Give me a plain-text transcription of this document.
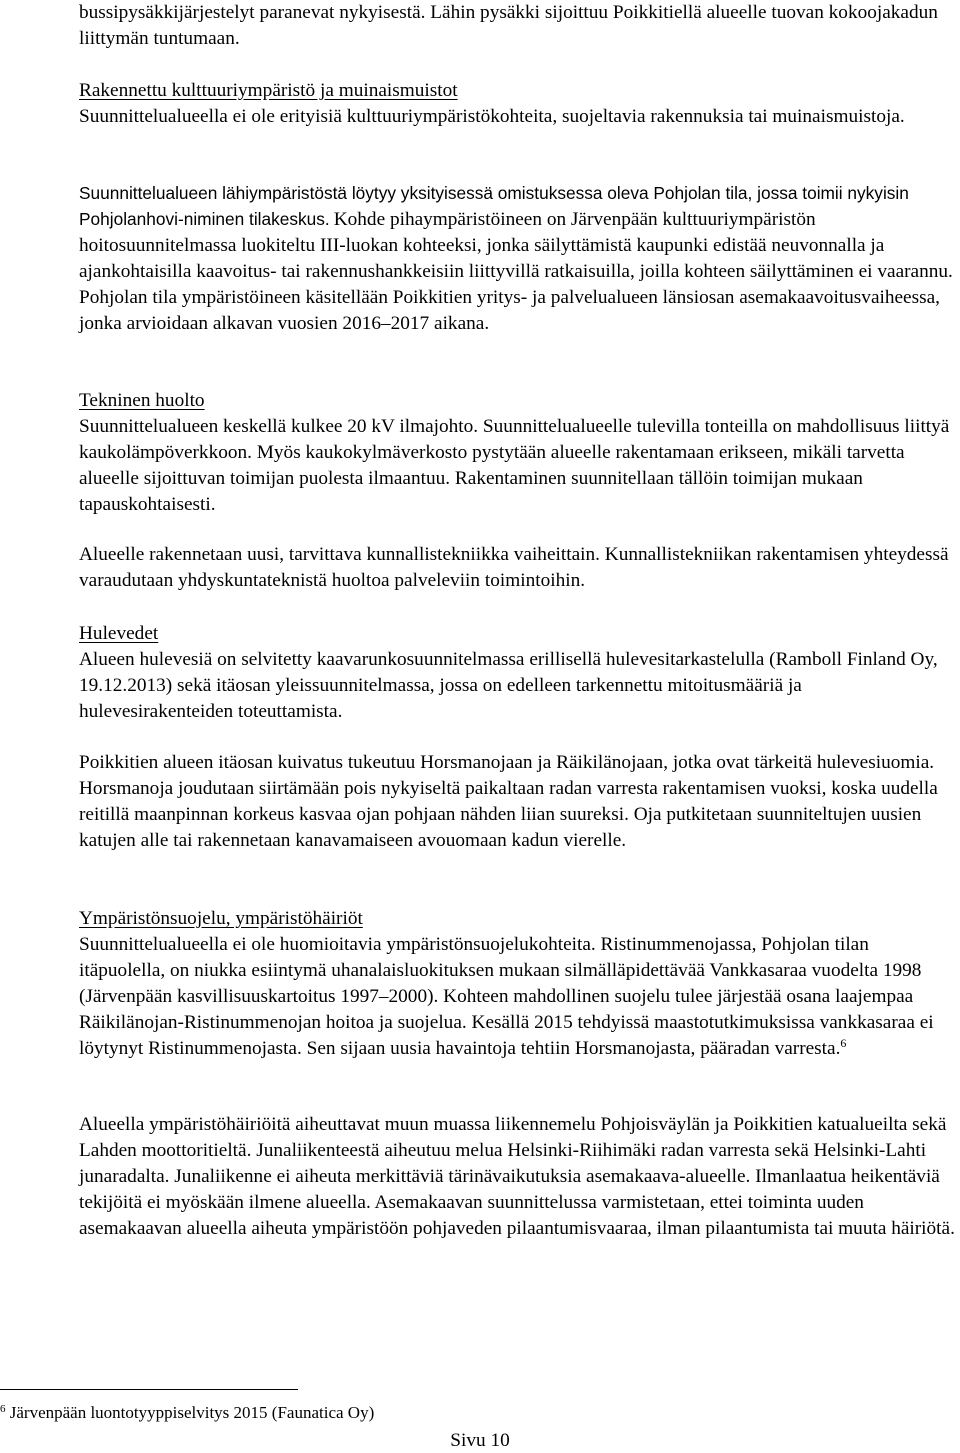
bussipysäkkijärjestelyt paranevat nykyisestä. Lähin pysäkki sijoittuu Poikkitiellä alueelle tuovan kokoojakadun liittymän tuntumaan.

Rakennettu kulttuuriympäristö ja muinaismuistot

Suunnittelualueella ei ole erityisiä kulttuuriympäristökohteita, suojeltavia rakennuksia tai muinaismuistoja.

Suunnittelualueen lähiympäristöstä löytyy yksityisessä omistuksessa oleva Pohjolan tila, jossa toimii nykyisin Pohjolanhovi-niminen tilakeskus. Kohde pihaympäristöineen on Järvenpään kulttuuriympäristön hoitosuunnitelmassa luokiteltu III-luokan kohteeksi, jonka säilyttämistä kaupunki edistää neuvonnalla ja ajankohtaisilla kaavoitus- tai rakennushankkeisiin liittyvillä ratkaisuilla, joilla kohteen säilyttäminen ei vaarannu. Pohjolan tila ympäristöineen käsitellään Poikkitien yritys- ja palvelualueen länsiosan asemakaavoitusvaiheessa, jonka arvioidaan alkavan vuosien 2016–2017 aikana.

Tekninen huolto

Suunnittelualueen keskellä kulkee 20 kV ilmajohto. Suunnittelualueelle tulevilla tonteilla on mahdollisuus liittyä kaukolämpöverkkoon. Myös kaukokylmäverkosto pystytään alueelle rakentamaan erikseen, mikäli tarvetta alueelle sijoittuvan toimijan puolesta ilmaantuu. Rakentaminen suunnitellaan tällöin toimijan mukaan tapauskohtaisesti.

Alueelle rakennetaan uusi, tarvittava kunnallistekniikka vaiheittain. Kunnallistekniikan rakentamisen yhteydessä varaudutaan yhdyskuntateknistä huoltoa palveleviin toimintoihin.

Hulevedet

Alueen hulevesiä on selvitetty kaavarunkosuunnitelmassa erillisellä hulevesitarkastelulla (Ramboll Finland Oy, 19.12.2013) sekä itäosan yleissuunnitelmassa, jossa on edelleen tarkennettu mitoitusmääriä ja hulevesirakenteiden toteuttamista.

Poikkitien alueen itäosan kuivatus tukeutuu Horsmanojaan ja Räikilänojaan, jotka ovat tärkeitä hulevesiuomia. Horsmanoja joudutaan siirtämään pois nykyiseltä paikaltaan radan varresta rakentamisen vuoksi, koska uudella reitillä maanpinnan korkeus kasvaa ojan pohjaan nähden liian suureksi. Oja putkitetaan suunniteltujen uusien katujen alle tai rakennetaan kanavamaiseen avouomaan kadun vierelle.

Ympäristönsuojelu, ympäristöhäiriöt

Suunnittelualueella ei ole huomioitavia ympäristönsuojelukohteita. Ristinummenojassa, Pohjolan tilan itäpuolella, on niukka esiintymä uhanalaisluokituksen mukaan silmälläpidettävää Vankkasaraa vuodelta 1998 (Järvenpään kasvillisuuskartoitus 1997–2000). Kohteen mahdollinen suojelu tulee järjestää osana laajempaa Räikilänojan-Ristinummenojan hoitoa ja suojelua. Kesällä 2015 tehdyissä maastotutkimuksissa vankkasaraa ei löytynyt Ristinummenojasta. Sen sijaan uusia havaintoja tehtiin Horsmanojasta, pääradan varresta.$^6$

Alueella ympäristöhäiriöitä aiheuttavat muun muassa liikennemelu Pohjoisväylän ja Poikkitien katualueilta sekä Lahden moottoritieltä. Junaliikenteestä aiheutuu melua Helsinki-Riihimäki radan varresta sekä Helsinki-Lahti junaradalta. Junaliikenne ei aiheuta merkittäviä tärinävaikutuksia asemakaava-alueelle. Ilmanlaatua heikentäviä tekijöitä ei myöskään ilmene alueella. Asemakaavan suunnittelussa varmistetaan, ettei toiminta uuden asemakaavan alueella aiheuta ympäristöön pohjaveden pilaantumisvaaraa, ilman pilaantumista tai muuta häiriötä.

$^6$ Järvenpään luontotyyppiselvitys 2015 (Faunatica Oy)
Sivu 10
